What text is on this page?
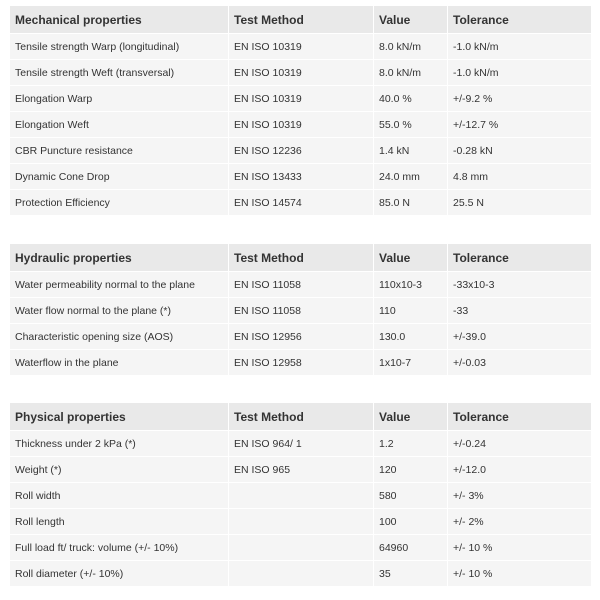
Mechanical properties	Test Method	Value	Tolerance
Tensile strength Warp (longitudinal)	EN ISO 10319	8.0 kN/m	-1.0 kN/m
Tensile strength Weft (transversal)	EN ISO 10319	8.0 kN/m	-1.0 kN/m
Elongation Warp	EN ISO 10319	40.0 %	+/-9.2 %
Elongation Weft	EN ISO 10319	55.0 %	+/-12.7 %
CBR Puncture resistance	EN ISO 12236	1.4 kN	-0.28 kN
Dynamic Cone Drop	EN ISO 13433	24.0 mm	4.8 mm
Protection Efficiency	EN ISO 14574	85.0 N	25.5 N
Hydraulic properties	Test Method	Value	Tolerance
Water permeability normal to the plane	EN ISO 11058	110x10-3	-33x10-3
Water flow normal to the plane (*)	EN ISO 11058	110	-33
Characteristic opening size (AOS)	EN ISO 12956	130.0	+/-39.0
Waterflow in the plane	EN ISO 12958	1x10-7	+/-0.03
Physical properties	Test Method	Value	Tolerance
Thickness under 2 kPa (*)	EN ISO 964/ 1	1.2	+/-0.24
Weight (*)	EN ISO 965	120	+/-12.0
Roll width		580	+/- 3%
Roll length		100	+/- 2%
Full load ft/ truck: volume (+/- 10%)		64960	+/- 10 %
Roll diameter (+/- 10%)		35	+/- 10 %
